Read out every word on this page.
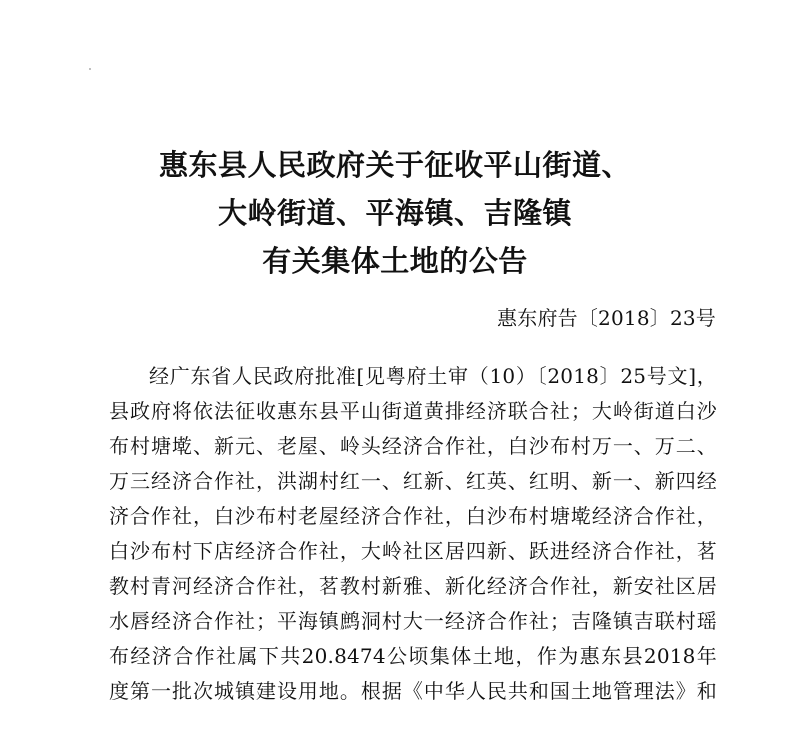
惠东县人民政府关于征收平山街道、
大岭街道、平海镇、吉隆镇
有关集体土地的公告
惠东府告〔2018〕23号
经广东省人民政府批准[见粤府土审（10）〔2018〕25号文]，
县政府将依法征收惠东县平山街道黄排经济联合社；大岭街道白沙
布村塘墘、新元、老屋、岭头经济合作社，白沙布村万一、万二、
万三经济合作社，洪湖村红一、红新、红英、红明、新一、新四经
济合作社，白沙布村老屋经济合作社，白沙布村塘墘经济合作社，
白沙布村下店经济合作社，大岭社区居四新、跃进经济合作社，茗
教村青河经济合作社，茗教村新雅、新化经济合作社，新安社区居
水唇经济合作社；平海镇鹧洞村大一经济合作社；吉隆镇吉联村瑶
布经济合作社属下共20.8474公顷集体土地，作为惠东县2018年
度第一批次城镇建设用地。根据《中华人民共和国土地管理法》和
